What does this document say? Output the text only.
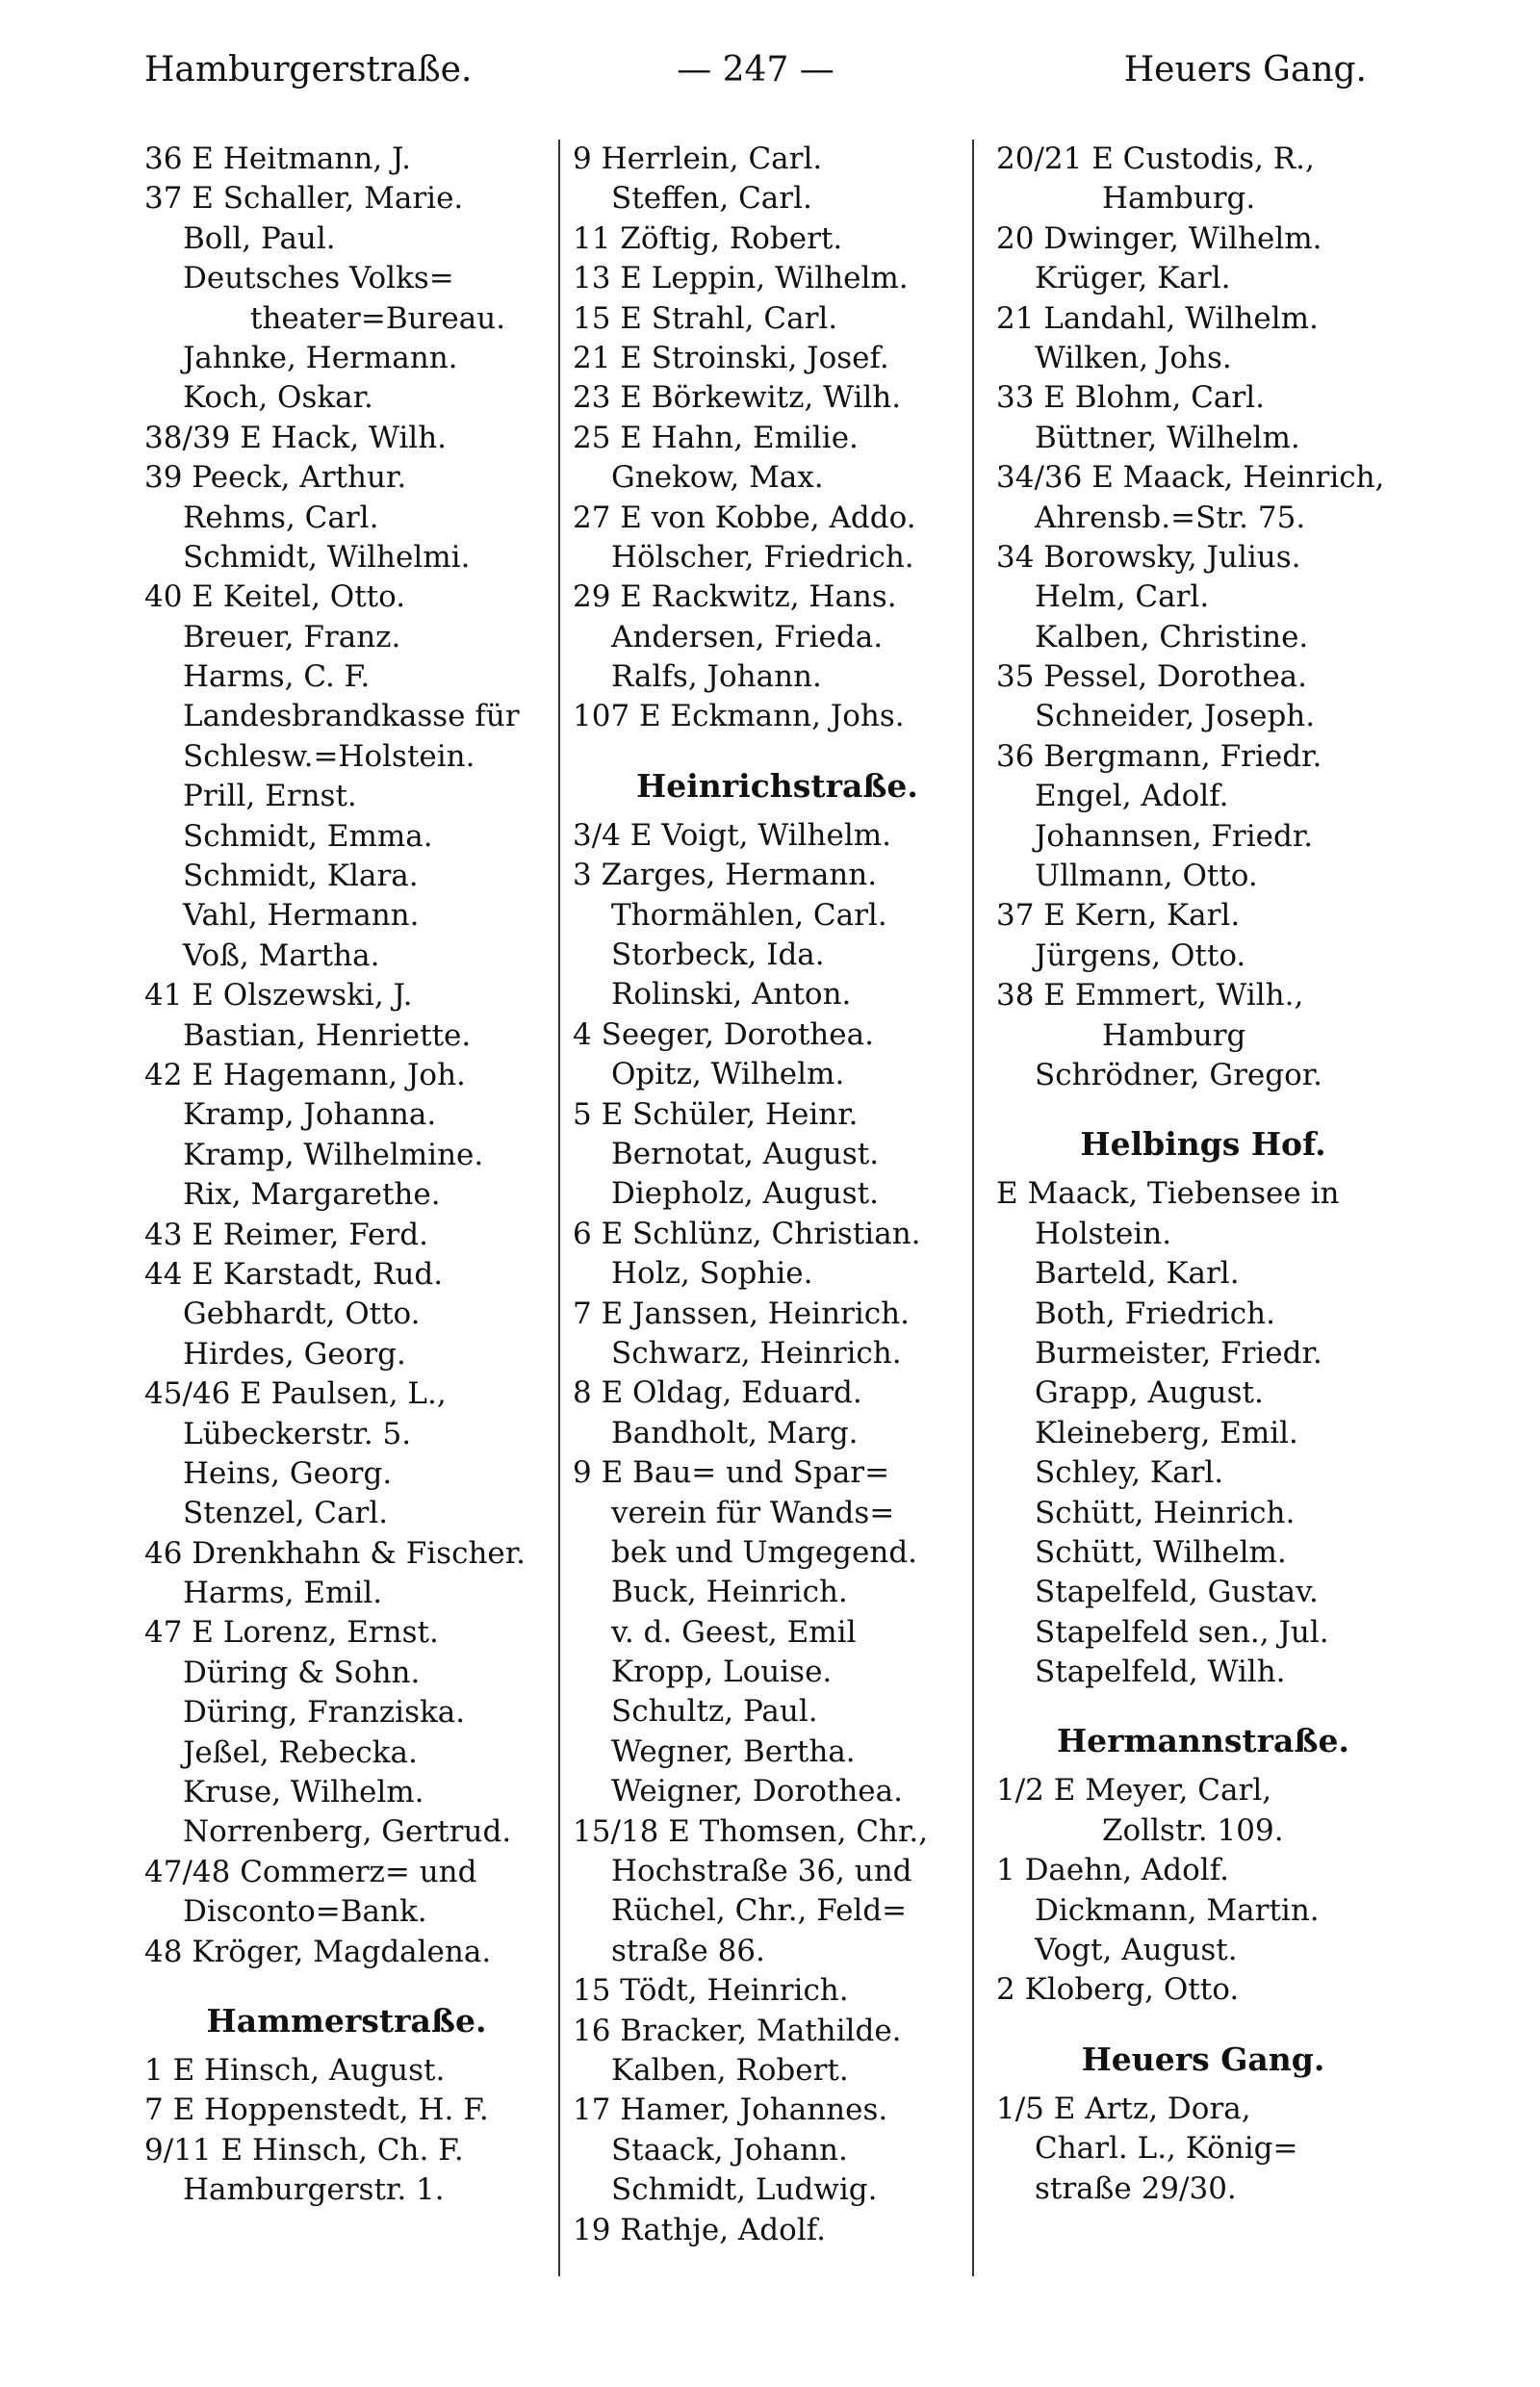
Hamburgerstraße.	— 247 —	Heuers Gang.
36 E Heitmann, J.
37 E Schaller, Marie.
Boll, Paul.
Deutsches Volks=
theater=Bureau.
Jahnke, Hermann.
Koch, Oskar.
38/39 E Hack, Wilh.
39 Peeck, Arthur.
Rehms, Carl.
Schmidt, Wilhelmi.
40 E Keitel, Otto.
Breuer, Franz.
Harms, C. F.
Landesbrandkasse für
Schlesw.=Holstein.
Prill, Ernst.
Schmidt, Emma.
Schmidt, Klara.
Vahl, Hermann.
Voß, Martha.
41 E Olszewski, J.
Bastian, Henriette.
42 E Hagemann, Joh.
Kramp, Johanna.
Kramp, Wilhelmine.
Rix, Margarethe.
43 E Reimer, Ferd.
44 E Karstadt, Rud.
Gebhardt, Otto.
Hirdes, Georg.
45/46 E Paulsen, L.,
Lübeckerstr. 5.
Heins, Georg.
Stenzel, Carl.
46 Drenkhahn & Fischer.
Harms, Emil.
47 E Lorenz, Ernst.
Düring & Sohn.
Düring, Franziska.
Jeßel, Rebecka.
Kruse, Wilhelm.
Norrenberg, Gertrud.
47/48 Commerz= und
Disconto=Bank.
48 Kröger, Magdalena.
Hammerstraße.
1 E Hinsch, August.
7 E Hoppenstedt, H. F.
9/11 E Hinsch, Ch. F.
Hamburgerstr. 1.
9 Herrlein, Carl.
Steffen, Carl.
11 Zöftig, Robert.
13 E Leppin, Wilhelm.
15 E Strahl, Carl.
21 E Stroinski, Josef.
23 E Börkewitz, Wilh.
25 E Hahn, Emilie.
Gnekow, Max.
27 E von Kobbe, Addo.
Hölscher, Friedrich.
29 E Rackwitz, Hans.
Andersen, Frieda.
Ralfs, Johann.
107 E Eckmann, Johs.
Heinrichstraße.
3/4 E Voigt, Wilhelm.
3 Zarges, Hermann.
Thormählen, Carl.
Storbeck, Ida.
Rolinski, Anton.
4 Seeger, Dorothea.
Opitz, Wilhelm.
5 E Schüler, Heinr.
Bernotat, August.
Diepholz, August.
6 E Schlünz, Christian.
Holz, Sophie.
7 E Janssen, Heinrich.
Schwarz, Heinrich.
8 E Oldag, Eduard.
Bandholt, Marg.
9 E Bau= und Spar=
verein für Wands=
bek und Umgegend.
Buck, Heinrich.
v. d. Geest, Emil
Kropp, Louise.
Schultz, Paul.
Wegner, Bertha.
Weigner, Dorothea.
15/18 E Thomsen, Chr.,
Hochstraße 36, und
Rüchel, Chr., Feld=
straße 86.
15 Tödt, Heinrich.
16 Bracker, Mathilde.
Kalben, Robert.
17 Hamer, Johannes.
Staack, Johann.
Schmidt, Ludwig.
19 Rathje, Adolf.
20/21 E Custodis, R.,
Hamburg.
20 Dwinger, Wilhelm.
Krüger, Karl.
21 Landahl, Wilhelm.
Wilken, Johs.
33 E Blohm, Carl.
Büttner, Wilhelm.
34/36 E Maack, Heinrich,
Ahrensb.=Str. 75.
34 Borowsky, Julius.
Helm, Carl.
Kalben, Christine.
35 Pessel, Dorothea.
Schneider, Joseph.
36 Bergmann, Friedr.
Engel, Adolf.
Johannsen, Friedr.
Ullmann, Otto.
37 E Kern, Karl.
Jürgens, Otto.
38 E Emmert, Wilh.,
Hamburg
Schrödner, Gregor.
Helbings Hof.
E Maack, Tiebensee in
Holstein.
Barteld, Karl.
Both, Friedrich.
Burmeister, Friedr.
Grapp, August.
Kleineberg, Emil.
Schley, Karl.
Schütt, Heinrich.
Schütt, Wilhelm.
Stapelfeld, Gustav.
Stapelfeld sen., Jul.
Stapelfeld, Wilh.
Hermannstraße.
1/2 E Meyer, Carl,
Zollstr. 109.
1 Daehn, Adolf.
Dickmann, Martin.
Vogt, August.
2 Kloberg, Otto.
Heuers Gang.
1/5 E Artz, Dora,
Charl. L., König=
straße 29/30.
